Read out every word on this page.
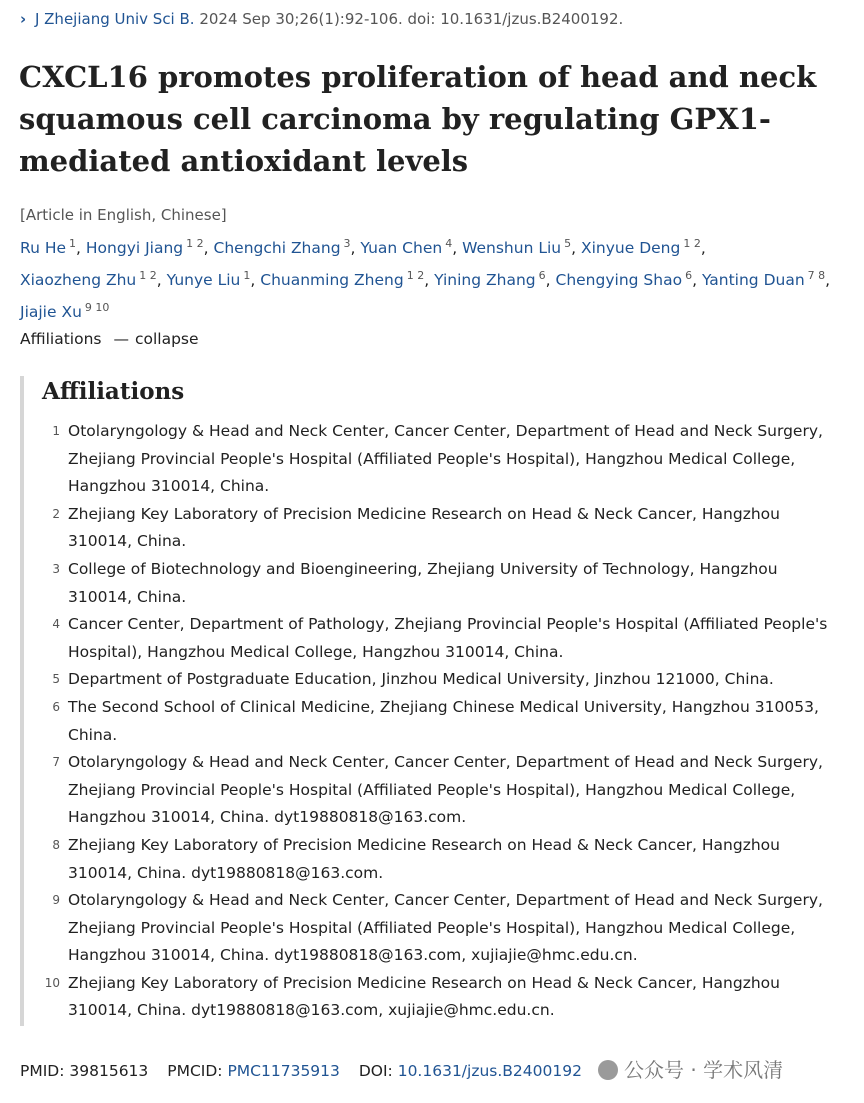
› J Zhejiang Univ Sci B. 2024 Sep 30;26(1):92-106. doi: 10.1631/jzus.B2400192.
CXCL16 promotes proliferation of head and neck squamous cell carcinoma by regulating GPX1-mediated antioxidant levels
[Article in English, Chinese]
Ru He $^1$, Hongyi Jiang $^{1 2}$, Chengchi Zhang $^3$, Yuan Chen $^4$, Wenshun Liu $^5$, Xinyue Deng $^{1 2}$, Xiaozheng Zhu $^{1 2}$, Yunye Liu $^1$, Chuanming Zheng $^{1 2}$, Yining Zhang $^6$, Chengying Shao $^6$, Yanting Duan $^{7 8}$, Jiajie Xu $^{9 10}$
Affiliations — collapse
Affiliations
1 Otolaryngology & Head and Neck Center, Cancer Center, Department of Head and Neck Surgery, Zhejiang Provincial People's Hospital (Affiliated People's Hospital), Hangzhou Medical College, Hangzhou 310014, China.
2 Zhejiang Key Laboratory of Precision Medicine Research on Head & Neck Cancer, Hangzhou 310014, China.
3 College of Biotechnology and Bioengineering, Zhejiang University of Technology, Hangzhou 310014, China.
4 Cancer Center, Department of Pathology, Zhejiang Provincial People's Hospital (Affiliated People's Hospital), Hangzhou Medical College, Hangzhou 310014, China.
5 Department of Postgraduate Education, Jinzhou Medical University, Jinzhou 121000, China.
6 The Second School of Clinical Medicine, Zhejiang Chinese Medical University, Hangzhou 310053, China.
7 Otolaryngology & Head and Neck Center, Cancer Center, Department of Head and Neck Surgery, Zhejiang Provincial People's Hospital (Affiliated People's Hospital), Hangzhou Medical College, Hangzhou 310014, China. dyt19880818@163.com.
8 Zhejiang Key Laboratory of Precision Medicine Research on Head & Neck Cancer, Hangzhou 310014, China. dyt19880818@163.com.
9 Otolaryngology & Head and Neck Center, Cancer Center, Department of Head and Neck Surgery, Zhejiang Provincial People's Hospital (Affiliated People's Hospital), Hangzhou Medical College, Hangzhou 310014, China. dyt19880818@163.com, xujiajie@hmc.edu.cn.
10 Zhejiang Key Laboratory of Precision Medicine Research on Head & Neck Cancer, Hangzhou 310014, China. dyt19880818@163.com, xujiajie@hmc.edu.cn.
PMID: 39815613 PMCID: PMC11735913 DOI: 10.1631/jzus.B2400192	公众号 · 学术风清
